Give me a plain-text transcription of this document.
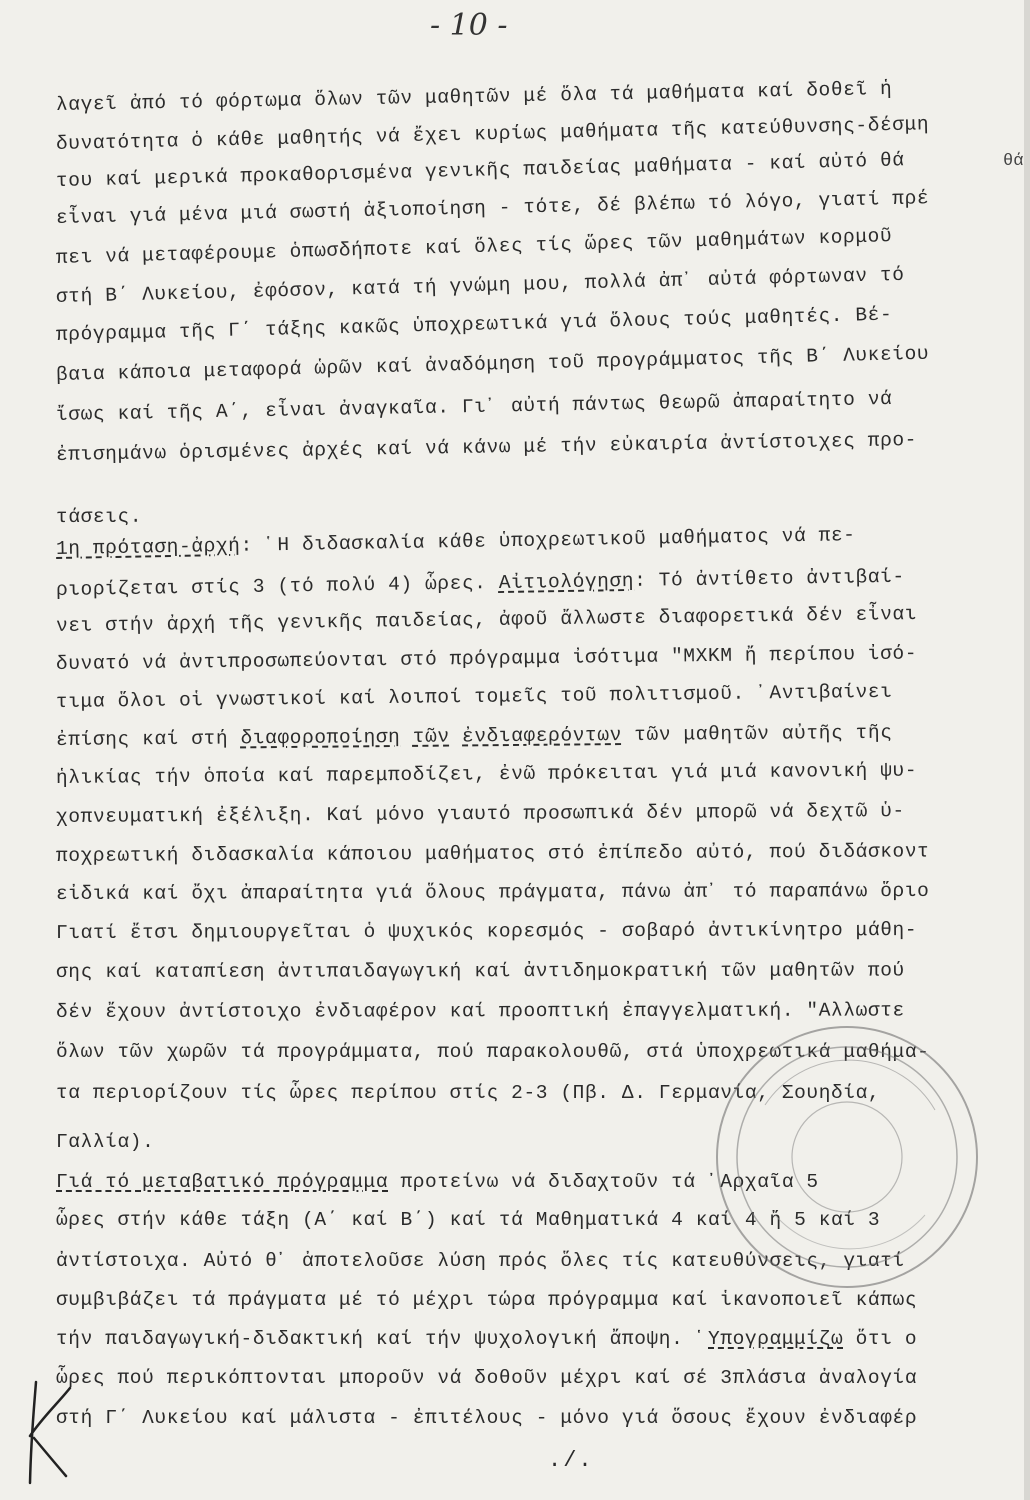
- 10 -
λαγεῖ ἀπό τό φόρτωμα ὅλων τῶν μαθητῶν μέ ὅλα τά μαθήματα καί δοθεῖ ἡ
δυνατότητα ὁ κάθε μαθητής νά ἔχει κυρίως μαθήματα τῆς κατεύθυνσης-δέσμη
του καί μερικά προκαθορισμένα γενικῆς παιδείας μαθήματα - καί αὐτό θά
εἶναι γιά μένα μιά σωστή ἀξιοποίηση - τότε, δέ βλέπω τό λόγο, γιατί πρέ
πει νά μεταφέρουμε ὁπωσδήποτε καί ὅλες τίς ὥρες τῶν μαθημάτων κορμοῦ
στή Β΄ Λυκείου, ἐφόσον, κατά τή γνώμη μου, πολλά ἀπ᾽ αὐτά φόρτωναν τό
πρόγραμμα τῆς Γ΄ τάξης κακῶς ὑποχρεωτικά γιά ὅλους τούς μαθητές. Βέ-
βαια κάποια μεταφορά ὡρῶν καί ἀναδόμηση τοῦ προγράμματος τῆς Β΄ Λυκείου
ἴσως καί τῆς Α΄, εἶναι ἀναγκαῖα. Γι᾽ αὐτή πάντως θεωρῶ ἀπαραίτητο νά
ἐπισημάνω ὁρισμένες ἀρχές καί νά κάνω μέ τήν εὐκαιρία ἀντίστοιχες προ-
τάσεις.
1η πρόταση-ἀρχή: ῾Η διδασκαλία κάθε ὑποχρεωτικοῦ μαθήματος νά πε-
ριορίζεται στίς 3 (τό πολύ 4) ὧρες. Αἰτιολόγηση: Τό ἀντίθετο ἀντιβαί-
νει στήν ἀρχή τῆς γενικῆς παιδείας, ἀφοῦ ἄλλωστε διαφορετικά δέν εἶναι
δυνατό νά ἀντιπροσωπεύονται στό πρόγραμμα ἰσότιμα "ΜΧΚΜ ἤ περίπου ἰσό-
τιμα ὅλοι οἱ γνωστικοί καί λοιποί τομεῖς τοῦ πολιτισμοῦ. ᾽Αντιβαίνει
ἐπίσης καί στή διαφοροποίηση τῶν ἐνδιαφερόντων τῶν μαθητῶν αὐτῆς τῆς
ἡλικίας τήν ὁποία καί παρεμποδίζει, ἐνῶ πρόκειται γιά μιά κανονική ψυ-
χοπνευματική ἐξέλιξη. Καί μόνο γιαυτό προσωπικά δέν μπορῶ νά δεχτῶ ὑ-
ποχρεωτική διδασκαλία κάποιου μαθήματος στό ἐπίπεδο αὐτό, πού διδάσκοντ
εἰδικά καί ὄχι ἀπαραίτητα γιά ὅλους πράγματα, πάνω ἀπ᾽ τό παραπάνω ὅριο
Γιατί ἔτσι δημιουργεῖται ὁ ψυχικός κορεσμός - σοβαρό ἀντικίνητρο μάθη-
σης καί καταπίεση ἀντιπαιδαγωγική καί ἀντιδημοκρατική τῶν μαθητῶν πού
δέν ἔχουν ἀντίστοιχο ἐνδιαφέρον καί προοπτική ἐπαγγελματική. "Αλλωστε
ὅλων τῶν χωρῶν τά προγράμματα, πού παρακολουθῶ, στά ὑποχρεωτικά μαθήμα-
τα περιορίζουν τίς ὧρες περίπου στίς 2-3 (Πβ. Δ. Γερμανία, Σουηδία,
Γαλλία).
Γιά τό μεταβατικό πρόγραμμα προτείνω νά διδαχτοῦν τά ᾽Αρχαῖα 5
ὧρες στήν κάθε τάξη (Α΄ καί Β΄) καί τά Μαθηματικά 4 καί 4 ἤ 5 καί 3
ἀντίστοιχα. Αὐτό θ᾽ ἀποτελοῦσε λύση πρός ὅλες τίς κατευθύνσεις, γιατί
συμβιβάζει τά πράγματα μέ τό μέχρι τώρα πρόγραμμα καί ἱκανοποιεῖ κάπως
τήν παιδαγωγική-διδακτική καί τήν ψυχολογική ἄποψη. ῾Υπογραμμίζω ὅτι ο
ὧρες πού περικόπτονται μποροῦν νά δοθοῦν μέχρι καί σέ 3πλάσια ἀναλογία
στή Γ΄ Λυκείου καί μάλιστα - ἐπιτέλους - μόνο γιά ὅσους ἔχουν ἐνδιαφέρ
θά
./.
